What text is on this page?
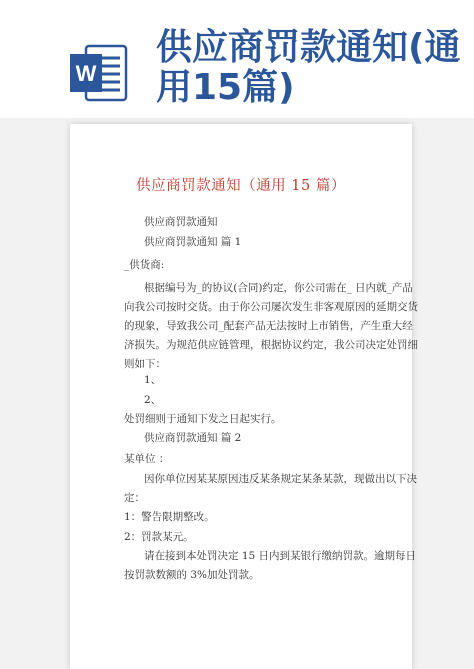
W
供应商罚款通知(通用15篇)
供应商罚款通知（通用 15 篇）
供应商罚款通知
供应商罚款通知 篇 1
_供货商:
根据编号为_的协议(合同)约定，你公司需在_ 日内就_产品
向我公司按时交货。由于你公司屡次发生非客观原因的延期交货
的现象，导致我公司_配套产品无法按时上市销售，产生重大经
济损失。为规范供应链管理，根据协议约定，我公司决定处罚细
则如下：
1、
2、
处罚细则于通知下发之日起实行。
供应商罚款通知 篇 2
某单位 ：
因你单位因某某原因违反某条规定某条某款，现做出以下决
定：
1：警告限期整改。
2：罚款某元。
请在接到本处罚决定 15 日内到某银行缴纳罚款。逾期每日
按罚款数额的 3%加处罚款。
